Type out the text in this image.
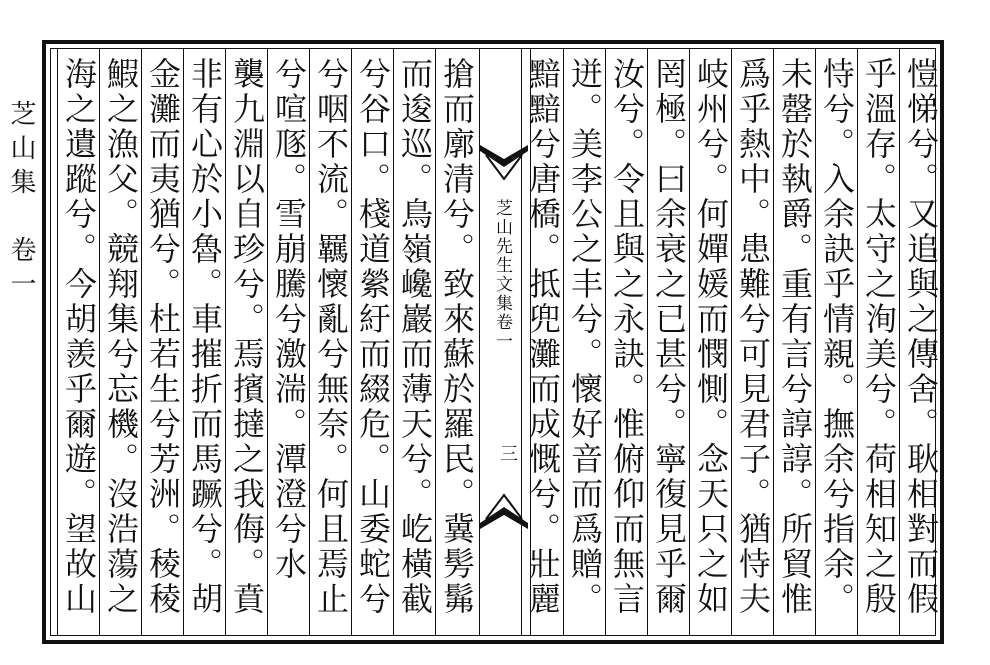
芝山集　卷一	芝山先生文集卷一
三
愷悌兮。又追與之傳舍。耿相對而假
乎溫存。太守之洵美兮。荷相知之殷
恃兮。入余訣乎情親。撫余兮指余。
未罄於執爵。重有言兮諄諄。所貿惟
爲乎熱中。患難兮可見君子。猶恃夫
岐州兮。何嬋媛而憫惻。念天只之如
罔極。曰余衰之已甚兮。寧復見乎爾
汝兮。令且與之永訣。惟俯仰而無言
迸。美李公之丰兮。懷好音而爲贈。
黯黯兮唐橋。抵兜灘而成慨兮。壯麗
搶而廓清兮。致來蘇於羅民。冀髣髴
而逡巡。鳥嶺巉巖而薄天兮。屹橫截
兮谷口。棧道縈紆而綴危。山委蛇兮
兮咽不流。羈懷亂兮無奈。何且焉止
兮喧豗。雪崩騰兮激湍。潭澄兮水
襲九淵以自珍兮。焉擯撻之我侮。賁
非有心於小魯。車摧折而馬蹶兮。胡
金灘而夷猶兮。杜若生兮芳洲。稜稜
鰕之漁父。競翔集兮忘機。沒浩蕩之
海之遺蹤兮。今胡羨乎爾遊。望故山
